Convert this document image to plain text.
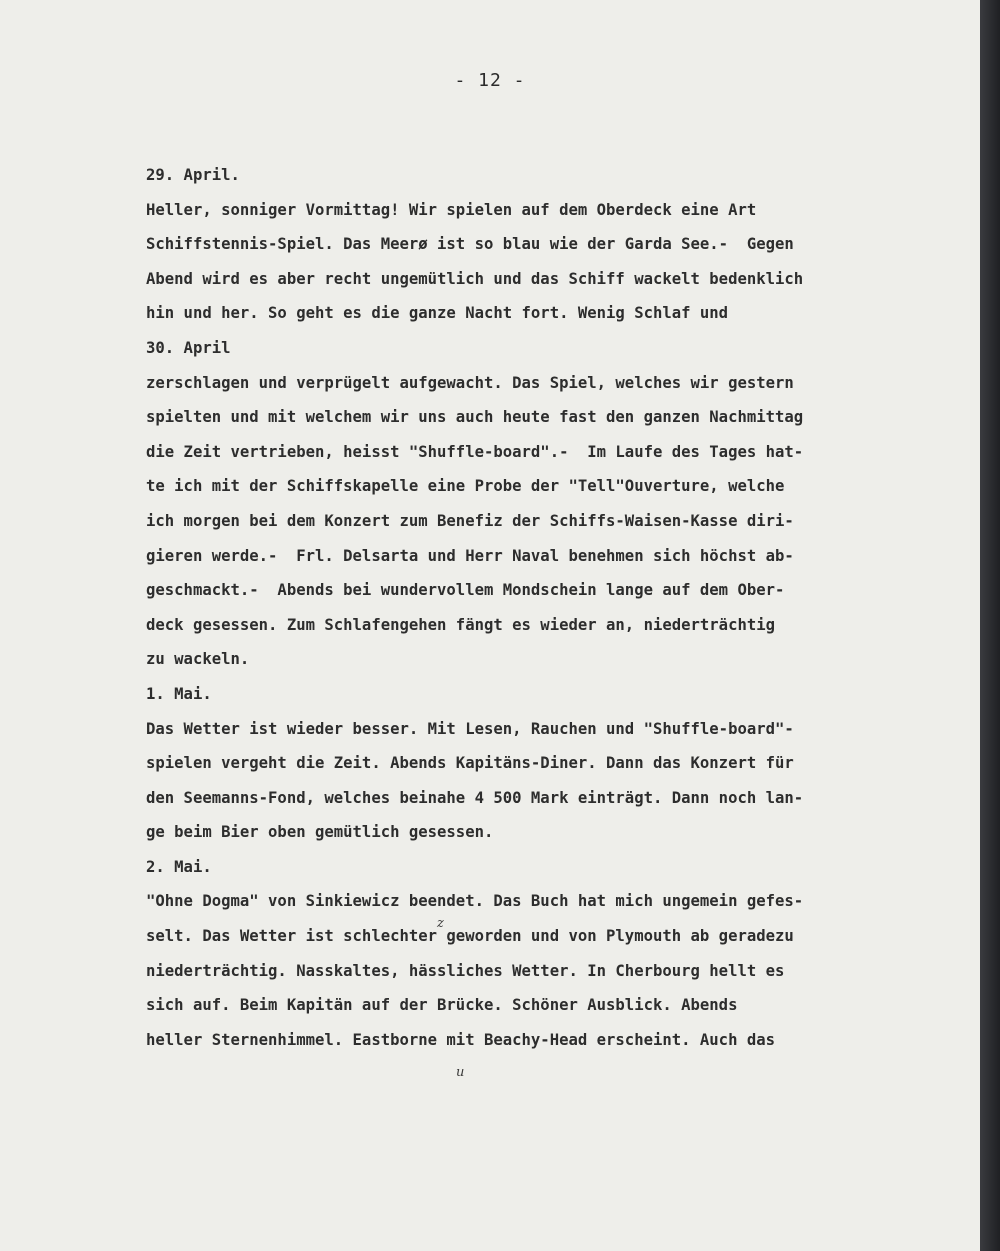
- 12 -
29. April.
Heller, sonniger Vormittag! Wir spielen auf dem Oberdeck eine Art
Schiffstennis-Spiel. Das Meerø ist so blau wie der Garda See.-  Gegen
Abend wird es aber recht ungemütlich und das Schiff wackelt bedenklich
hin und her. So geht es die ganze Nacht fort. Wenig Schlaf und
30. April
zerschlagen und verprügelt aufgewacht. Das Spiel, welches wir gestern
spielten und mit welchem wir uns auch heute fast den ganzen Nachmittag
die Zeit vertrieben, heisst "Shuffle-board".-  Im Laufe des Tages hat-
te ich mit der Schiffskapelle eine Probe der "Tell"Ouverture, welche
ich morgen bei dem Konzert zum Benefiz der Schiffs-Waisen-Kasse diri-
gieren werde.-  Frl. Delsarta und Herr Naval benehmen sich höchst ab-
geschmackt.-  Abends bei wundervollem Mondschein lange auf dem Ober-
deck gesessen. Zum Schlafengehen fängt es wieder an, niederträchtig
zu wackeln.
1. Mai.
Das Wetter ist wieder besser. Mit Lesen, Rauchen und "Shuffle-board"-
spielen vergeht die Zeit. Abends Kapitäns-Diner. Dann das Konzert für
den Seemanns-Fond, welches beinahe 4 500 Mark einträgt. Dann noch lan-
ge beim Bier oben gemütlich gesessen.
2. Mai.
"Ohne Dogma" von Sinkiewicz beendet. Das Buch hat mich ungemein gefes-
selt. Das Wetter ist schlechter geworden und von Plymouth ab geradezu
niederträchtig. Nasskaltes, hässliches Wetter. In Cherbourg hellt es
sich auf. Beim Kapitän auf der Brücke. Schöner Ausblick. Abends
heller Sternenhimmel. Eastborne mit Beachy-Head erscheint. Auch das
z
u
